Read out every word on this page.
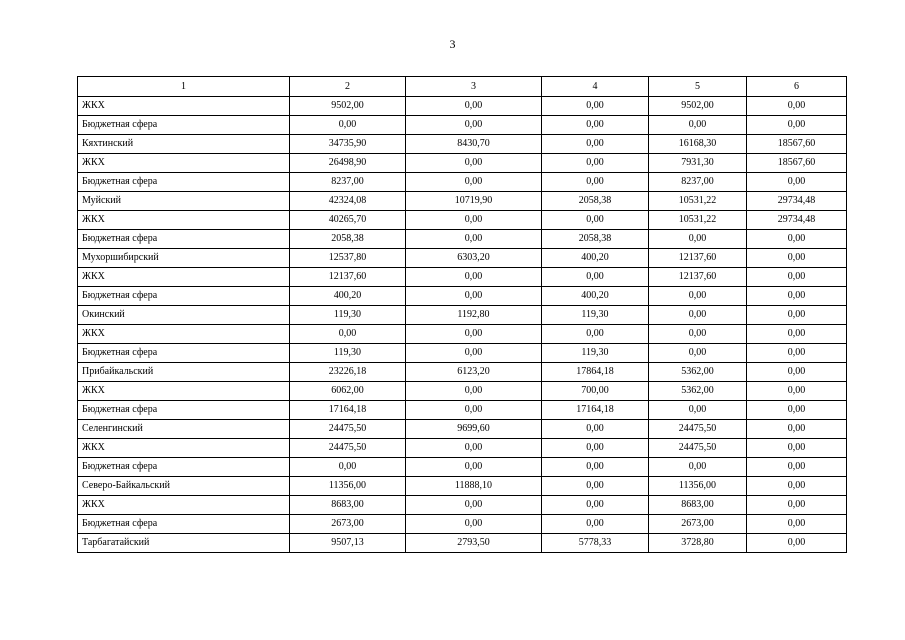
3
1	2	3	4	5	6
ЖКХ	9502,00	0,00	0,00	9502,00	0,00
Бюджетная сфера	0,00	0,00	0,00	0,00	0,00
Кяхтинский	34735,90	8430,70	0,00	16168,30	18567,60
ЖКХ	26498,90	0,00	0,00	7931,30	18567,60
Бюджетная сфера	8237,00	0,00	0,00	8237,00	0,00
Муйский	42324,08	10719,90	2058,38	10531,22	29734,48
ЖКХ	40265,70	0,00	0,00	10531,22	29734,48
Бюджетная сфера	2058,38	0,00	2058,38	0,00	0,00
Мухоршибирский	12537,80	6303,20	400,20	12137,60	0,00
ЖКХ	12137,60	0,00	0,00	12137,60	0,00
Бюджетная сфера	400,20	0,00	400,20	0,00	0,00
Окинский	119,30	1192,80	119,30	0,00	0,00
ЖКХ	0,00	0,00	0,00	0,00	0,00
Бюджетная сфера	119,30	0,00	119,30	0,00	0,00
Прибайкальский	23226,18	6123,20	17864,18	5362,00	0,00
ЖКХ	6062,00	0,00	700,00	5362,00	0,00
Бюджетная сфера	17164,18	0,00	17164,18	0,00	0,00
Селенгинский	24475,50	9699,60	0,00	24475,50	0,00
ЖКХ	24475,50	0,00	0,00	24475,50	0,00
Бюджетная сфера	0,00	0,00	0,00	0,00	0,00
Северо-Байкальский	11356,00	11888,10	0,00	11356,00	0,00
ЖКХ	8683,00	0,00	0,00	8683,00	0,00
Бюджетная сфера	2673,00	0,00	0,00	2673,00	0,00
Тарбагатайский	9507,13	2793,50	5778,33	3728,80	0,00
